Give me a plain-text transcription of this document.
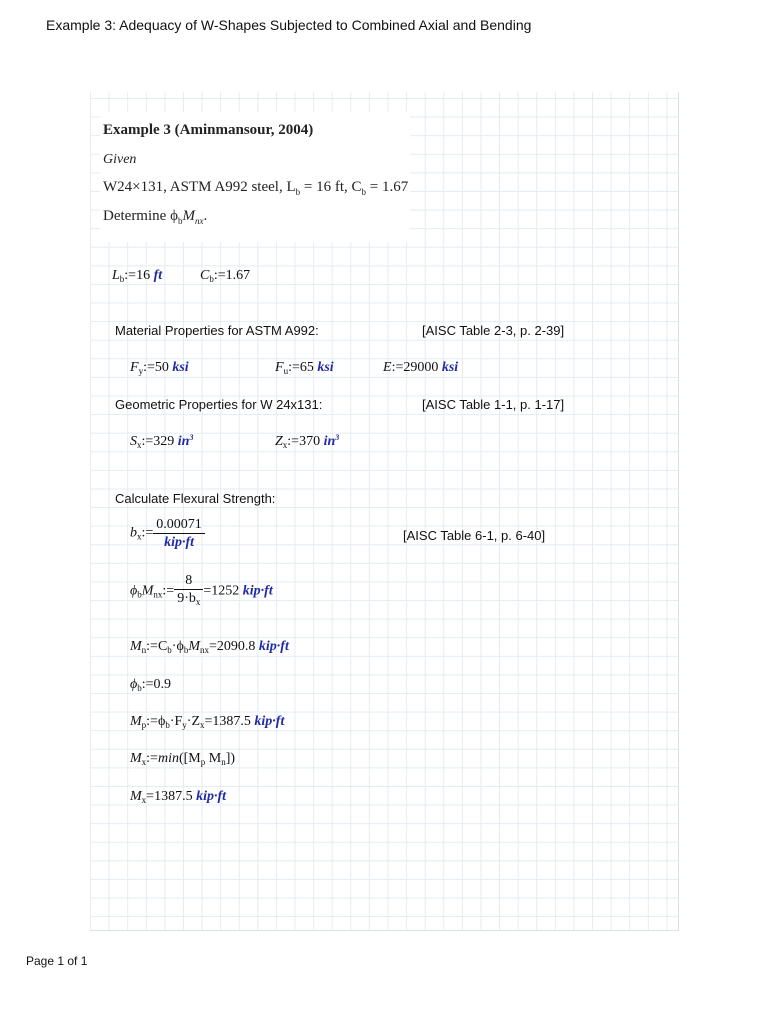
Example 3: Adequacy of W-Shapes Subjected to Combined Axial and Bending
Example 3 (Aminmansour, 2004)
Given
W24×131, ASTM A992 steel, $L_b = 16$ ft, $C_b = 1.67$
Determine $\phi_bM_{nx}$.
$L_b:=16$ ft	$C_b:=1.67$
Material Properties for ASTM A992:	[AISC Table 2-3, p. 2-39]
$F_y:=50$ ksi	$F_u:=65$ ksi	E:=29000 ksi
Geometric Properties for W 24x131:	[AISC Table 1-1, p. 1-17]
$S_x:=329$ $in^3$	$Z_x:=370$ $in^3$
Calculate Flexural Strength:
$b_x:= \frac{0.00071}{\text{kip·ft}}$	[AISC Table 6-1, p. 6-40]
$\phi_bM_{nx}:= \frac{8}{9\cdot b_x} =1252$ kip·ft
$M_n:=C_b\cdot\phi_bM_{nx}=2090.8$ kip·ft
$\phi_b:=0.9$
$M_p:=\phi_b\cdot F_y\cdot Z_x=1387.5$ kip·ft
$M_x:=\min([M_p$ $M_n$])
$M_x=1387.5$ kip·ft
Page 1 of 1
